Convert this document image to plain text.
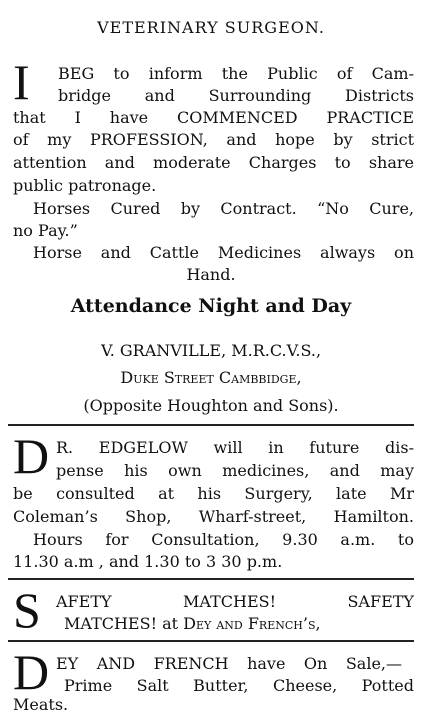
VETERINARY SURGEON.
I BEG to inform the Public of Cam-
bridge and Surrounding Districts
that I have COMMENCED PRACTICE
of my PROFESSION, and hope by strict
attention and moderate Charges to share
public patronage.
Horses Cured by Contract. “No Cure,
no Pay.”
Horse and Cattle Medicines always on
Hand.
Attendance Night and Day
V. GRANVILLE, M.R.C.V.S.,
Duke Street Cambbidge,
(Opposite Houghton and Sons).
D R. EDGELOW will in future dis-
pense his own medicines, and may
be consulted at his Surgery, late Mr
Coleman’s Shop, Wharf-street, Hamilton.
Hours for Consultation, 9.30 a.m. to
11.30 a.m , and 1.30 to 3 30 p.m.
S AFETY MATCHES! SAFETY
MATCHES! at Dey and French’s,
D EY AND FRENCH have On Sale,—
Prime Salt Butter, Cheese, Potted
Meats.
